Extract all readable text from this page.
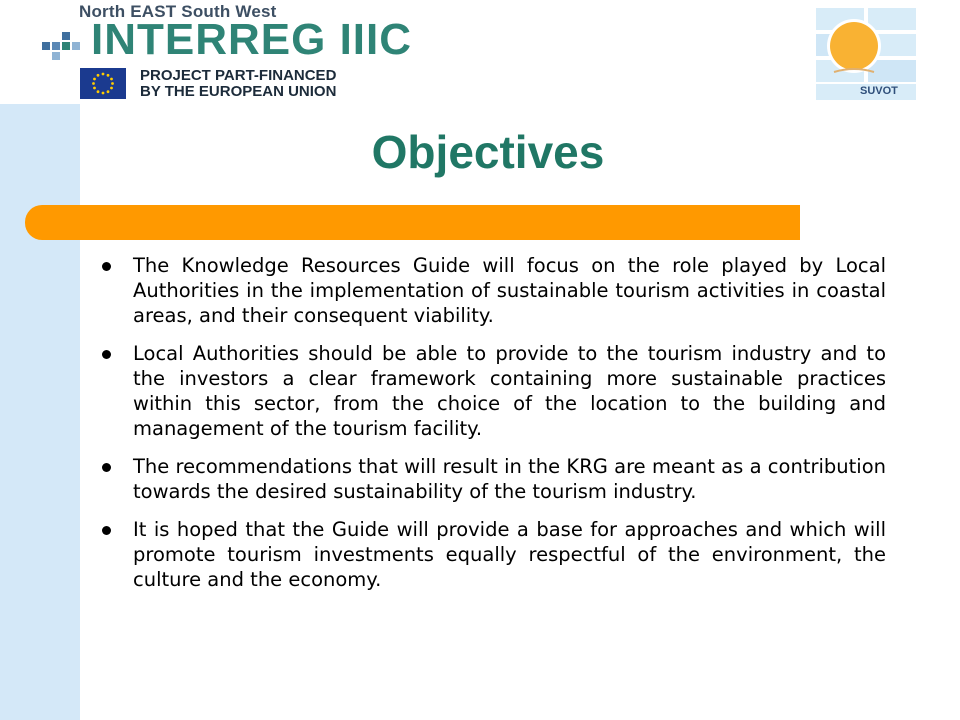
North EAST South West
INTERREG IIIC
PROJECT PART-FINANCED
BY THE EUROPEAN UNION	SUVOT
Objectives
The Knowledge Resources Guide will focus on the role played by Local Authorities in the implementation of sustainable tourism activities in coastal areas, and their consequent viability.
Local Authorities should be able to provide to the tourism industry and to the investors a clear framework containing more sustainable practices within this sector, from the choice of the location to the building and management of the tourism facility.
The recommendations that will result in the KRG are meant as a contribution towards the desired sustainability of the tourism industry.
It is hoped that the Guide will provide a base for approaches and which will promote tourism investments equally respectful of the environment, the culture and the economy.
